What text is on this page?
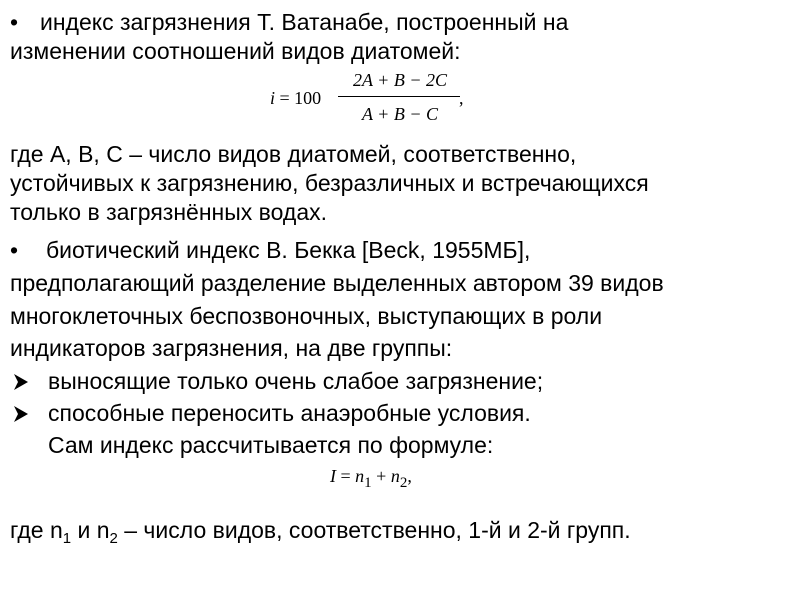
• индекс загрязнения Т. Ватанабе, построенный на
изменении соотношений видов диатомей:
i = 100
2A + B − 2C
A + B − C
,
где А, В, С – число видов диатомей, соответственно,
устойчивых к загрязнению, безразличных и встречающихся
только в загрязнённых водах.
• биотический индекс В. Бекка [Beck, 1955МБ],
предполагающий разделение выделенных автором 39 видов
многоклеточных беспозвоночных, выступающих в роли
индикаторов загрязнения, на две группы:
выносящие только очень слабое загрязнение;
способные переносить анаэробные условия.
Сам индекс рассчитывается по формуле:
$I = n_1 + n_2$,
где $n_1$ и $n_2$ – число видов, соответственно, 1-й и 2-й групп.
